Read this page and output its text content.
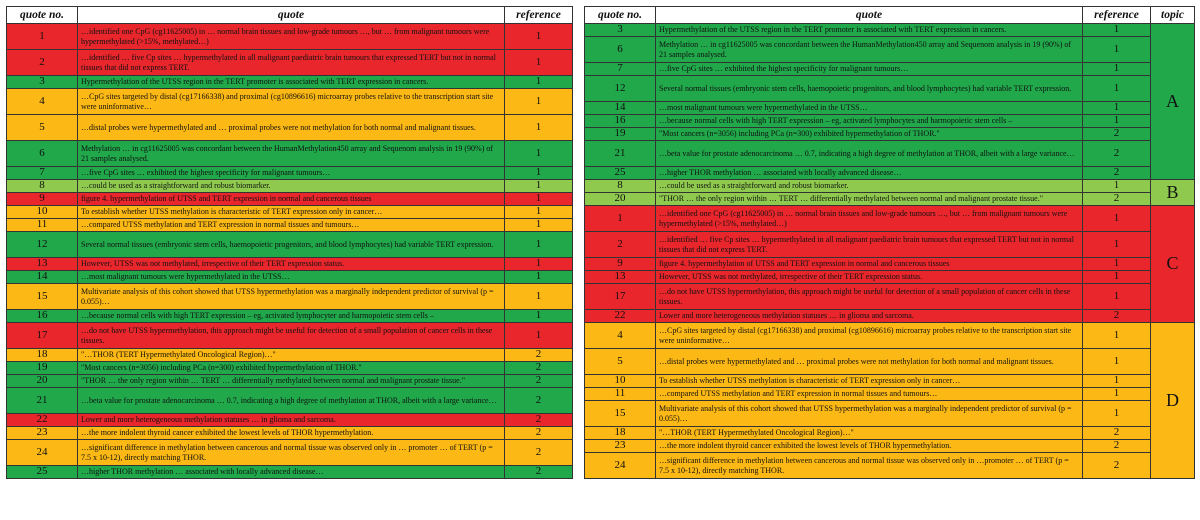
quote no.	quote	reference
1	…identified one CpG (cg11625005) in … normal brain tissues and low-grade tumours …, but … from malignant tumours were hypermethylated (>15%, methylated…)	1
2	…identified … five Cp sites … hypermethylated in all malignant paediatric brain tumours that expressed TERT but not in normal tissues that did not express TERT.	1
3	Hypermethylation of the UTSS region in the TERT promoter is associated with TERT expression in cancers.	1
4	…CpG sites targeted by distal (cg17166338) and proximal (cg10896616) microarray probes relative to the transcription start site were uninformative…	1
5	…distal probes were hypermethylated and … proximal probes were not methylation for both normal and malignant tissues.	1
6	Methylation … in cg11625005 was concordant between the HumanMethylation450 array and Sequenom analysis in 19 (90%) of 21 samples analysed.	1
7	…five CpG sites … exhibited the highest specificity for malignant tumours…	1
8	…could be used as a straightforward and robust biomarker.	1
9	figure 4. hypermethylation of UTSS and TERT expression in normal and cancerous tissues	1
10	To establish whether UTSS methylation is characteristic of TERT expression only in cancer…	1
11	…compared UTSS methylation and TERT expression in normal tissues and tumours…	1
12	Several normal tissues (embryonic stem cells, haemopoietic progenitors, and blood lymphocytes) had variable TERT expression.	1
13	However, UTSS was not methylated, irrespective of their TERT expression status.	1
14	…most malignant tumours were hypermethylated in the UTSS…	1
15	Multivariate analysis of this cohort showed that UTSS hypermethylation was a marginally independent predictor of survival (p = 0.055)…	1
16	…because normal cells with high TERT expression – eg, activated lymphocyter and harmopoietic stem cells –	1
17	…do not have UTSS hypermethylation, this approach might be useful for detection of a small population of cancer cells in these tissues.	1
18	"…THOR (TERT Hypermethylated Oncological Region)…"	2
19	"Most cancers (n=3056) including PCa (n=300) exhibited hypermethylation of THOR."	2
20	"THOR … the only region within … TERT … differentially methylated between normal and malignant prostate tissue."	2
21	…beta value for prostate adenocarcinoma … 0.7, indicating a high degree of methylation at THOR, albeit with a large variance…	2
22	Lower and more heterogeneous methylation statuses … in glioma and sarcoma.	2
23	…the more indolent thyroid cancer exhibited the lowest levels of THOR hypermethylation.	2
24	…significant difference in methylation between cancerous and normal tissue was observed only in … promoter … of TERT (p = 7.5 x 10-12), directly matching THOR.	2
25	…higher THOR methylation … associated with locally advanced disease…	2
quote no.	quote	reference	topic
3	Hypermethylation of the UTSS region in the TERT promoter is associated with TERT expression in cancers.	1	A
6	Methylation … in cg11625005 was concordant between the HumanMethylation450 array and Sequenom analysis in 19 (90%) of 21 samples analysed.	1	
7	…five CpG sites … exhibited the highest specificity for malignant tumours…	1	
12	Several normal tissues (embryonic stem cells, haemopoietic progenitors, and blood lymphocytes) had variable TERT expression.	1	
14	…most malignant tumours were hypermethylated in the UTSS…	1	
16	…because normal cells with high TERT expression – eg, activated lymphocytes and harmopoietic stem cells –	1	
19	"Most cancers (n=3056) including PCa (n=300) exhibited hypermethylation of THOR."	2	
21	…beta value for prostate adenocarcinoma … 0.7, indicating a high degree of methylation at THOR, albeit with a large variance…	2	
25	…higher THOR methylation … associated with locally advanced disease…	2	
8	…could be used as a straightforward and robust biomarker.	1	B
20	"THOR … the only region within … TERT … differentially methylated between normal and malignant prostate tissue."	2	
1	…identified one CpG (cg11625005) in … normal brain tissues and low-grade tumours …, but … from malignant tumours were hypermethylated (>15%, methylated…)	1	C
2	…identified … five Cp sites … hypermethylated in all malignant paediatric brain tumours that expressed TERT but not in normal tissues that did not express TERT.	1	
9	figure 4. hypermethylation of UTSS and TERT expression in normal and cancerous tissues	1	
13	However, UTSS was not methylated, irrespective of their TERT expression status.	1	
17	…do not have UTSS hypermethylation, this approach might be useful for detection of a small population of cancer cells in these tissues.	1	
22	Lower and more heterogeneous methylation statuses … in glioma and sarcoma.	2	
4	…CpG sites targeted by distal (cg17166338) and proximal (cg10896616) microarray probes relative to the transcription start site were uninformative…	1	D
5	…distal probes were hypermethylated and … proximal probes were not methylation for both normal and malignant tissues.	1	
10	To establish whether UTSS methylation is characteristic of TERT expression only in cancer…	1	
11	…compared UTSS methylation and TERT expression in normal tissues and tumours…	1	
15	Multivariate analysis of this cohort showed that UTSS hypermethylation was a marginally independent predictor of survival (p = 0.055)…	1	
18	"…THOR (TERT Hypermethylated Oncological Region)…"	2	
23	…the more indolent thyroid cancer exhibited the lowest levels of THOR hypermethylation.	2	
24	…significant difference in methylation between cancerous and normal tissue was observed only in …promoter … of TERT (p = 7.5 x 10-12), directly matching THOR.	2	
